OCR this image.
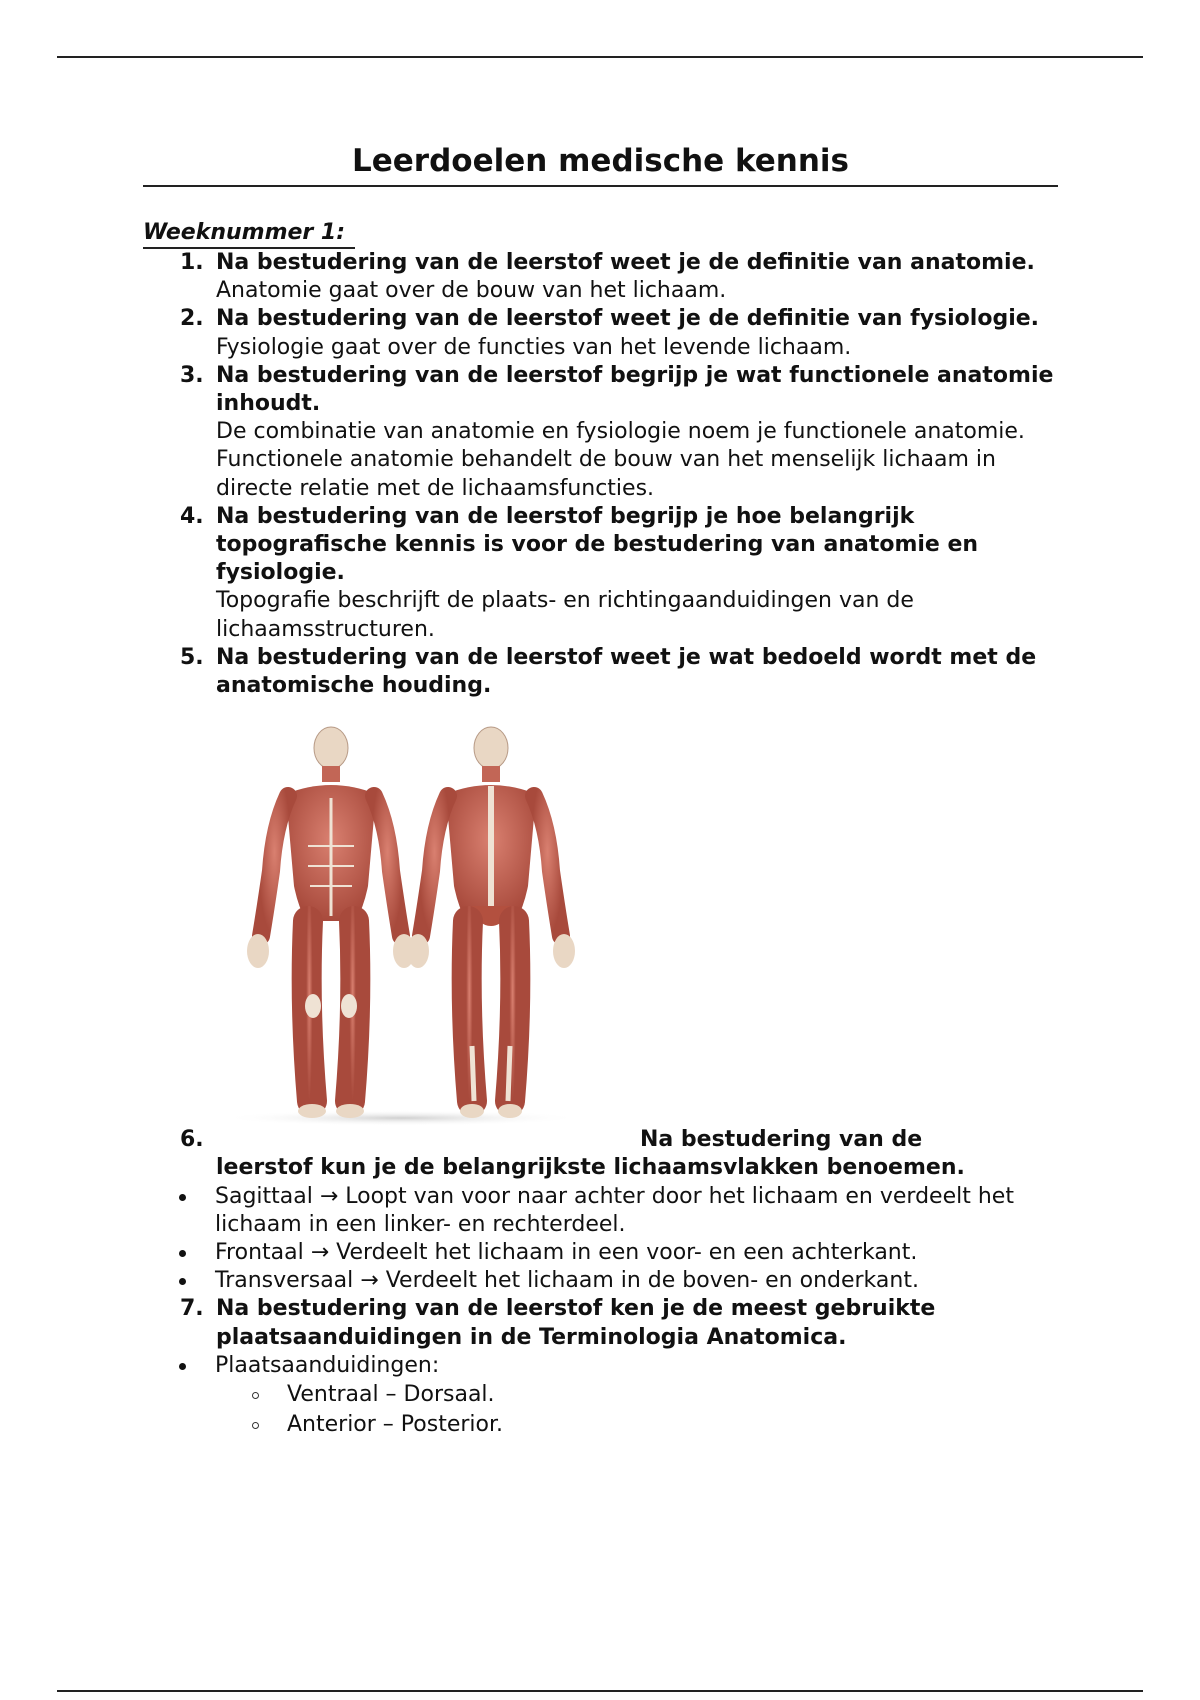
Leerdoelen medische kennis
Weeknummer 1:
1. Na bestudering van de leerstof weet je de definitie van anatomie.
Anatomie gaat over de bouw van het lichaam.
2. Na bestudering van de leerstof weet je de definitie van fysiologie.
Fysiologie gaat over de functies van het levende lichaam.
3. Na bestudering van de leerstof begrijp je wat functionele anatomie inhoudt.
De combinatie van anatomie en fysiologie noem je functionele anatomie. Functionele anatomie behandelt de bouw van het menselijk lichaam in directe relatie met de lichaamsfuncties.
4. Na bestudering van de leerstof begrijp je hoe belangrijk topografische kennis is voor de bestudering van anatomie en fysiologie.
Topografie beschrijft de plaats- en richtingaanduidingen van de lichaamsstructuren.
5. Na bestudering van de leerstof weet je wat bedoeld wordt met de anatomische houding.
6.	Na bestudering van de
leerstof kun je de belangrijkste lichaamsvlakken benoemen.
Sagittaal → Loopt van voor naar achter door het lichaam en verdeelt het lichaam in een linker- en rechterdeel.
Frontaal → Verdeelt het lichaam in een voor- en een achterkant.
Transversaal → Verdeelt het lichaam in de boven- en onderkant.
7. Na bestudering van de leerstof ken je de meest gebruikte plaatsaanduidingen in de Terminologia Anatomica.
Plaatsaanduidingen:
Ventraal – Dorsaal.
Anterior – Posterior.
